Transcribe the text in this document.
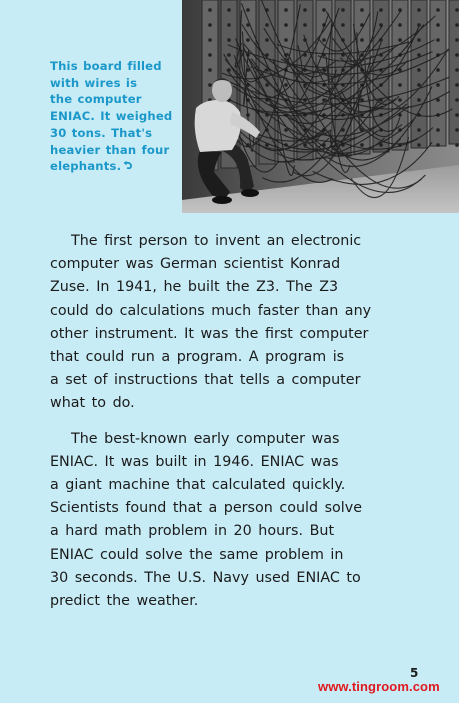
This board filled
with wires is
the computer
ENIAC. It weighed
30 tons. That's
heavier than four
elephants.

The first person to invent an electronic
computer was German scientist Konrad
Zuse. In 1941, he built the Z3. The Z3
could do calculations much faster than any
other instrument. It was the first computer
that could run a program. A program is
a set of instructions that tells a computer
what to do.

The best-known early computer was
ENIAC. It was built in 1946. ENIAC was
a giant machine that calculated quickly.
Scientists found that a person could solve
a hard math problem in 20 hours. But
ENIAC could solve the same problem in
30 seconds. The U.S. Navy used ENIAC to
predict the weather.

5
www.tingroom.com
